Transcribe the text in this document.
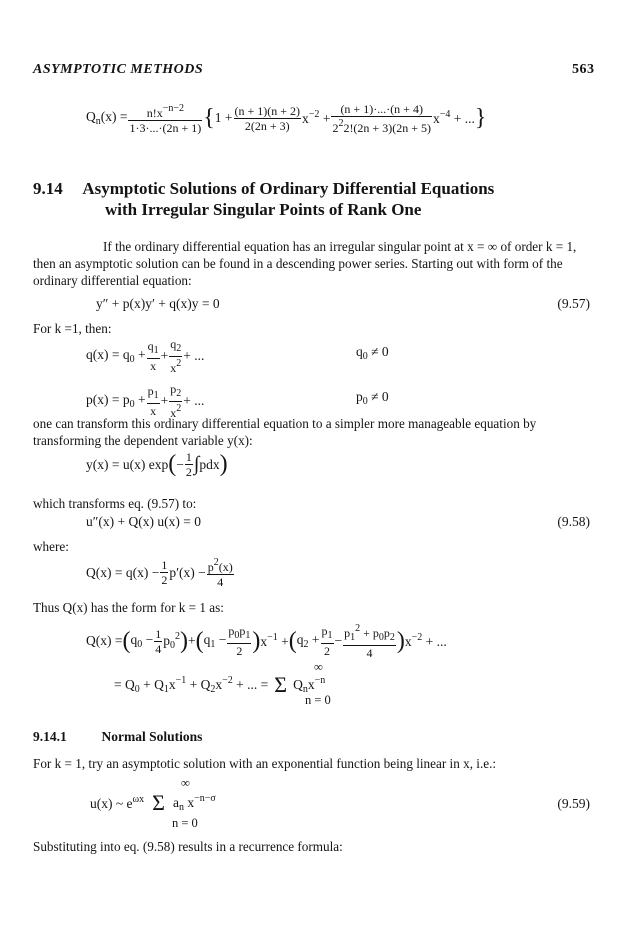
ASYMPTOTIC METHODS	563
$Q_n(x) = \frac{n!x^{-n-2}}{1\cdot 3\cdot...\cdot(2n + 1)}$ { $1 + \frac{(n + 1)(n + 2)}{2(2n + 3)} x^{-2} + \frac{(n + 1)\cdot...\cdot(n + 4)}{2^22!(2n + 3)(2n + 5)} x^{-4}$ + ... }
9.14 Asymptotic Solutions of Ordinary Differential Equations
with Irregular Singular Points of Rank One
If the ordinary differential equation has an irregular singular point at x = ∞ of order k = 1, then an asymptotic solution can be found in a descending power series. Starting out with form of the ordinary differential equation:
y″ + p(x)y′ + q(x)y = 0	(9.57)
For k =1, then:
$q(x) = q_0 + \frac{q_1}{x} + \frac{q_2}{x^2}$ + ...	$q_0 \ne 0$
$p(x) = p_0 + \frac{p_1}{x} + \frac{p_2}{x^2}$ + ...	$p_0 \ne 0$
one can transform this ordinary differential equation to a simpler more manageable equation by transforming the dependent variable y(x):
y(x) = u(x) exp ( − $\frac{1}{2}$ ∫ pdx )
which transforms eq. (9.57) to:
u″(x) + Q(x) u(x) = 0	(9.58)
where:
$Q(x) = q(x) - \frac{1}{2} p'(x) - \frac{p^2(x)}{4}$
Thus Q(x) has the form for k = 1 as:
Q(x) = ( $q_0 - \frac{1}{4} p_0^2$ ) + ( $q_1 - \frac{p_0p_1}{2}$ ) $x^{-1}$ + ( $q_2 + \frac{p_1}{2} - \frac{p_1^2 + p_0p_2}{4}$ ) $x^{-2}$ + ...
= $Q_0 + Q_1x^{-1} + Q_2x^{-2}$ + ... = Σ $Q_nx^{-n}$
∞
n = 0
9.14.1	Normal Solutions
For k = 1, try an asymptotic solution with an exponential function being linear in x, i.e.:
u(x) ~ $e^{\omega x}$ Σ $a_n$ $x^{-n-\sigma}$
∞
n = 0
(9.59)
Substituting into eq. (9.58) results in a recurrence formula:
